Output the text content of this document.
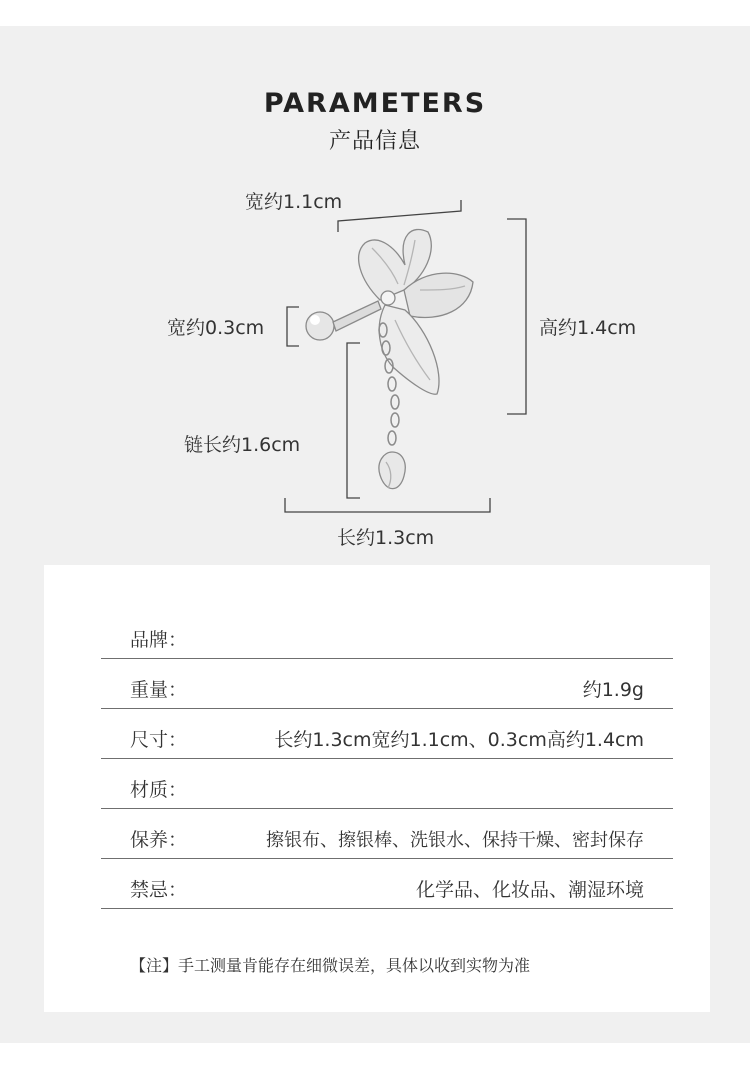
PARAMETERS
产品信息
宽约1.1cm
宽约0.3cm	高约1.4cm
链长约1.6cm
长约1.3cm
品牌：
重量：	约1.9g
尺寸：	长约1.3cm宽约1.1cm、0.3cm高约1.4cm
材质：
保养：	擦银布、擦银棒、洗银水、保持干燥、密封保存
禁忌：	化学品、化妆品、潮湿环境
【注】手工测量肯能存在细微误差，具体以收到实物为准
